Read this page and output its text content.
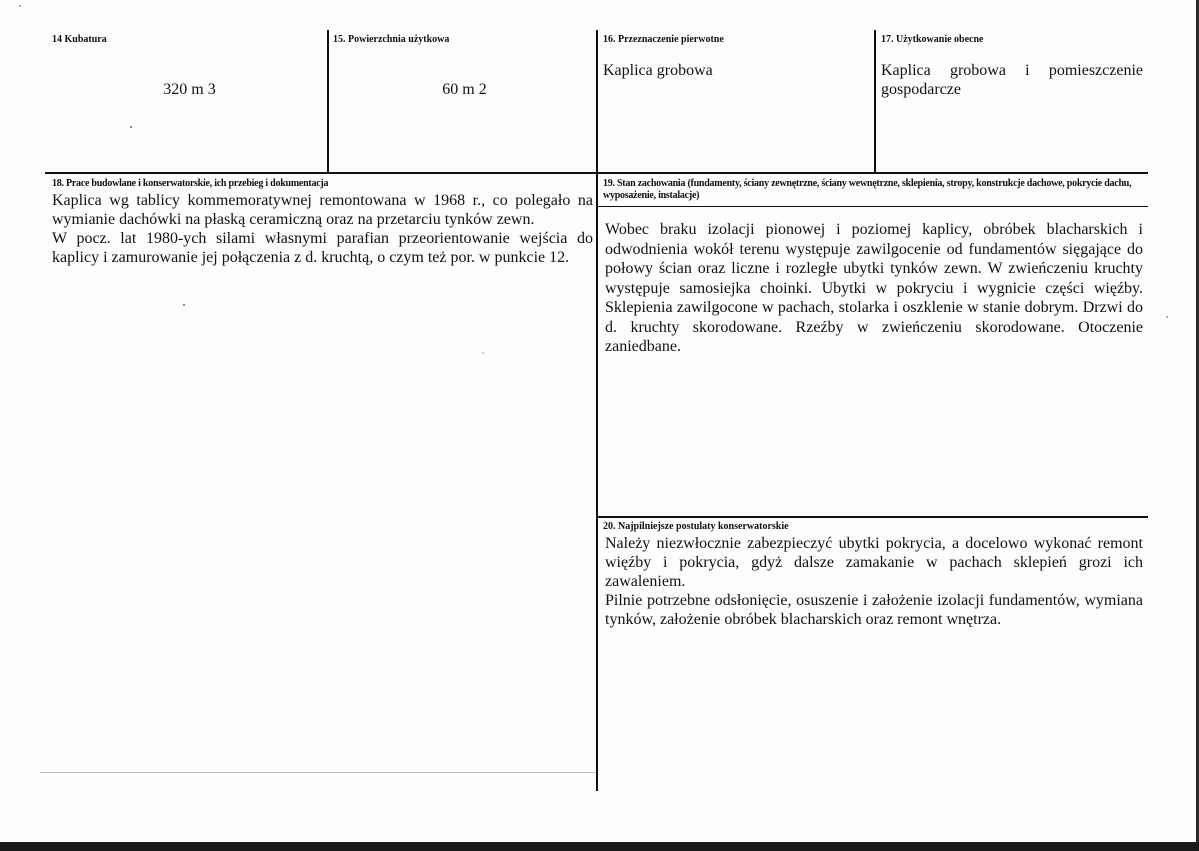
14 Kubatura
320 m 3
15. Powierzchnia użytkowa
60 m 2
16. Przeznaczenie pierwotne
Kaplica grobowa
17. Użytkowanie obecne
Kaplica grobowa i pomieszczenie gospodarcze
18. Prace budowlane i konserwatorskie, ich przebieg i dokumentacja

Kaplica wg tablicy kommemoratywnej remontowana w 1968 r., co polegało na wymianie dachówki na płaską ceramiczną oraz na przetarciu tynków zewn.

W pocz. lat 1980-ych silami własnymi parafian przeorientowanie wejścia do kaplicy i zamurowanie jej połączenia z d. kruchtą, o czym też por. w punkcie 12.

19. Stan zachowania (fundamenty, ściany zewnętrzne, ściany wewnętrzne, sklepienia, stropy, konstrukcje dachowe, pokrycie dachu, wyposażenie, instalacje)
Wobec braku izolacji pionowej i poziomej kaplicy, obróbek blacharskich i odwodnienia wokół terenu występuje zawilgocenie od fundamentów sięgające do połowy ścian oraz liczne i rozległe ubytki tynków zewn. W zwieńczeniu kruchty występuje samosiejka choinki. Ubytki w pokryciu i wygnicie części więźby. Sklepienia zawilgocone w pachach, stolarka i oszklenie w stanie dobrym. Drzwi do d. kruchty skorodowane. Rzeźby w zwieńczeniu skorodowane. Otoczenie zaniedbane.
20. Najpilniejsze postulaty konserwatorskie

Należy niezwłocznie zabezpieczyć ubytki pokrycia, a docelowo wykonać remont więźby i pokrycia, gdyż dalsze zamakanie w pachach sklepień grozi ich zawaleniem.

Pilnie potrzebne odsłonięcie, osuszenie i założenie izolacji fundamentów, wymiana tynków, założenie obróbek blacharskich oraz remont wnętrza.
